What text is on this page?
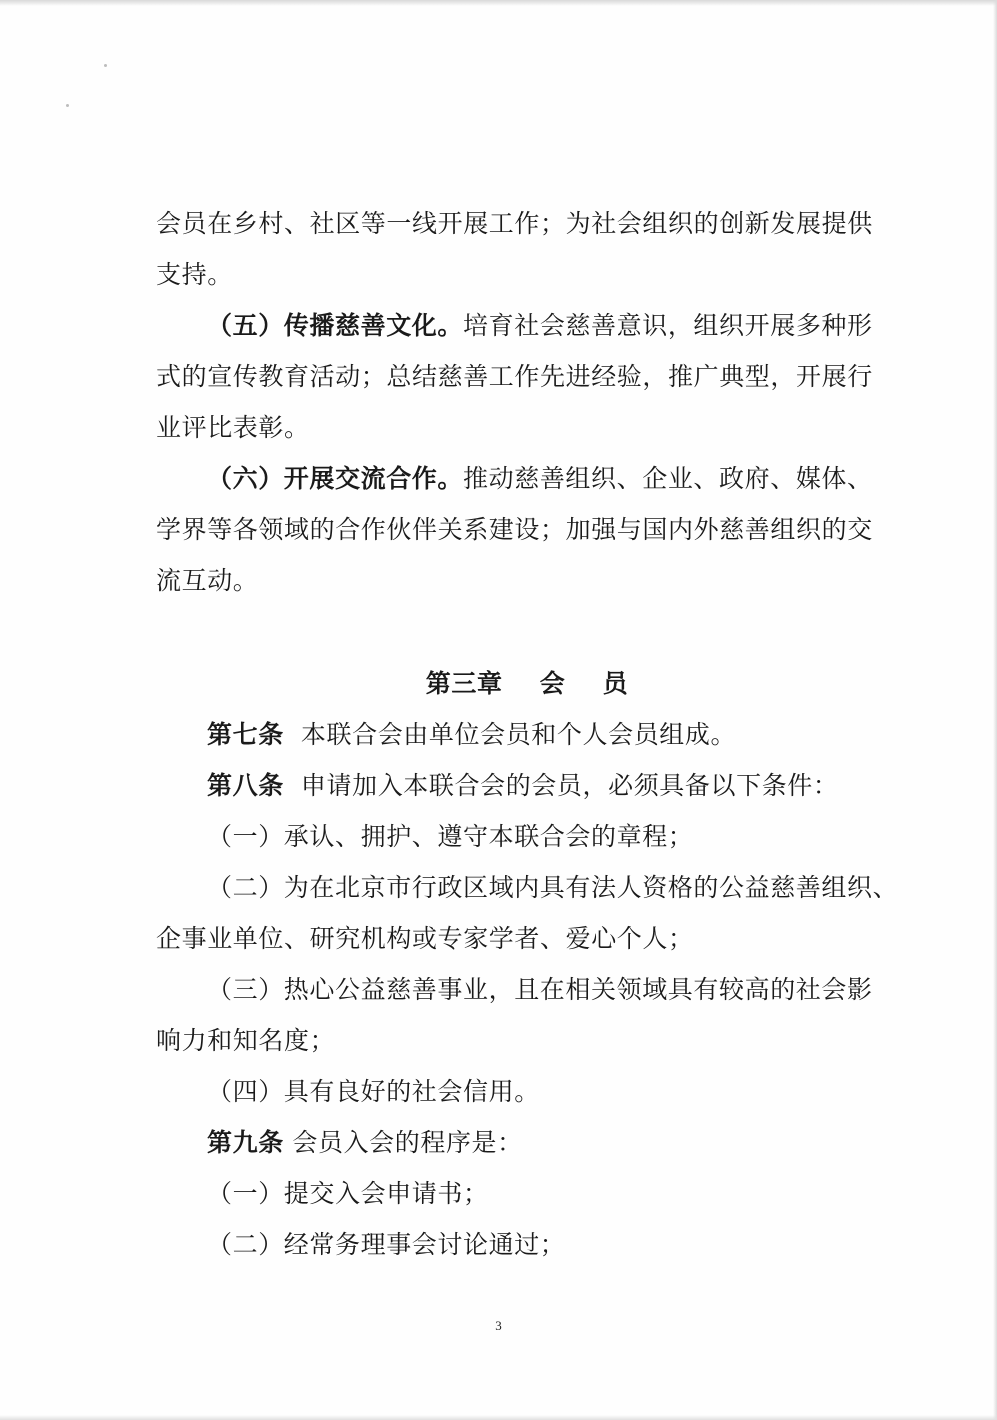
会员在乡村、社区等一线开展工作；为社会组织的创新发展提供
支持。
（五）传播慈善文化。培育社会慈善意识，组织开展多种形
式的宣传教育活动；总结慈善工作先进经验，推广典型，开展行
业评比表彰。
（六）开展交流合作。推动慈善组织、企业、政府、媒体、
学界等各领域的合作伙伴关系建设；加强与国内外慈善组织的交
流互动。
第三章    会    员
第七条  本联合会由单位会员和个人会员组成。
第八条  申请加入本联合会的会员，必须具备以下条件：
（一）承认、拥护、遵守本联合会的章程；
（二）为在北京市行政区域内具有法人资格的公益慈善组织、
企事业单位、研究机构或专家学者、爱心个人；
（三）热心公益慈善事业，且在相关领域具有较高的社会影
响力和知名度；
（四）具有良好的社会信用。
第九条 会员入会的程序是：
（一）提交入会申请书；
（二）经常务理事会讨论通过；
3
